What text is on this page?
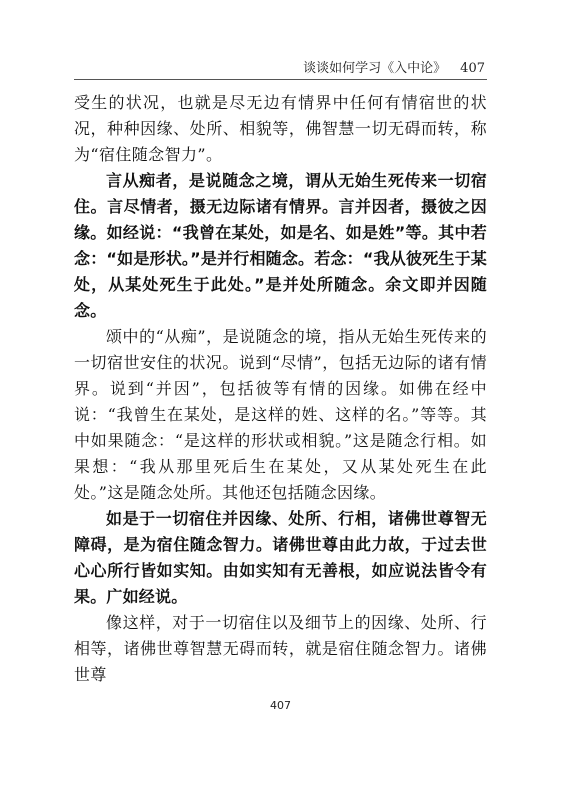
谈谈如何学习《入中论》 407

受生的状况，也就是尽无边有情界中任何有情宿世的状况，种种因缘、处所、相貌等，佛智慧一切无碍而转，称为“宿住随念智力”。

言从痴者，是说随念之境，谓从无始生死传来一切宿住。言尽情者，摄无边际诸有情界。言并因者，摄彼之因缘。如经说：“我曾在某处，如是名、如是姓”等。其中若念：“如是形状。”是并行相随念。若念：“我从彼死生于某处，从某处死生于此处。”是并处所随念。余文即并因随念。

颂中的“从痴”，是说随念的境，指从无始生死传来的一切宿世安住的状况。说到“尽情”，包括无边际的诸有情界。说到“并因”，包括彼等有情的因缘。如佛在经中说：“我曾生在某处，是这样的姓、这样的名。”等等。其中如果随念：“是这样的形状或相貌。”这是随念行相。如果想：“我从那里死后生在某处，又从某处死生在此处。”这是随念处所。其他还包括随念因缘。

如是于一切宿住并因缘、处所、行相，诸佛世尊智无障碍，是为宿住随念智力。诸佛世尊由此力故，于过去世心心所行皆如实知。由如实知有无善根，如应说法皆令有果。广如经说。

像这样，对于一切宿住以及细节上的因缘、处所、行相等，诸佛世尊智慧无碍而转，就是宿住随念智力。诸佛世尊

407
